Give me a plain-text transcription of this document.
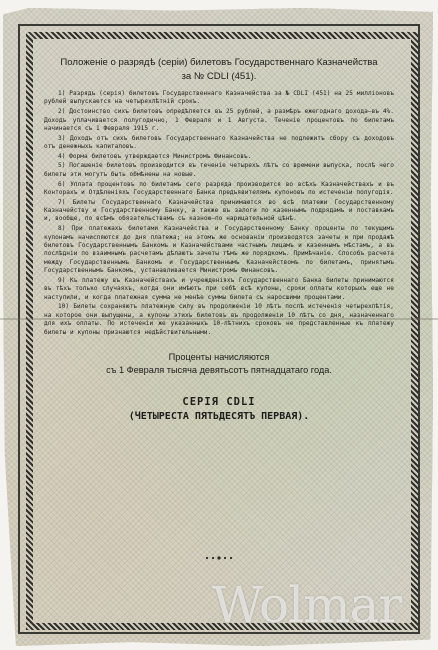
Положеніе о разрядѣ (серіи) билетовъ Государственнаго Казначейства
за № CDLI (451).

1) Разрядъ (серія) билетовъ Государственнаго Казначейства за № CDLI (451) на 25 милліоновъ рублей выпускается на четырехлѣтній срокъ.

2) Достоинство сихъ билетовъ опредѣляется въ 25 рублей, а размѣръ ежегоднаго дохода—въ 4%. Доходъ уплачивается полугодично, 1 Февраля и 1 Августа. Теченіе процентовъ по билетамъ начинается съ 1 Февраля 1915 г.

3) Доходъ отъ сихъ билетовъ Государственнаго Казначейства не подлежитъ сбору съ доходовъ отъ денежныхъ капиталовъ.

4) Форма билетовъ утверждается Министромъ Финансовъ.

5) Погашеніе билетовъ производится въ теченіе четырехъ лѣтъ со времени выпуска, послѣ чего билеты эти могутъ быть обмѣнены на новые.

6) Уплата процентовъ по билетамъ сего разряда производится во всѣхъ Казначействахъ и въ Конторахъ и Отдѣленіяхъ Государственнаго Банка предъявителямъ купоновъ по истеченіи полугодія.

7) Билеты Государственнаго Казначейства принимаются во всѣ платежи Государственному Казначейству и Государственному Банку, а также въ залоги по казеннымъ подрядамъ и поставкамъ и, вообще, по всѣмъ обязательствамъ съ казною—по нарицательной цѣнѣ.

8) При платежахъ билетами Казначейства и Государственному Банку проценты по текущимъ купонамъ начисляются до дня платежа; на этомъ же основаніи производятся зачеты и при продажѣ билетовъ Государственнымъ Банкомъ и Казначействами частнымъ лицамъ и казеннымъ мѣстамъ, а въ послѣдніи по взаимнымъ расчетамъ дѣлаютъ зачеты тѣмъ же порядкомъ. Примѣчаніе. Способъ расчета между Государственнымъ Банкомъ и Государственнымъ Казначействомъ по билетамъ, принятымъ Государственнымъ Банкомъ, устанавливается Министромъ Финансовъ.

9) Къ платежу въ Казначействахъ и учрежденіяхъ Государственнаго Банка билеты принимаются въ тѣхъ только случаяхъ, когда они имѣютъ при себѣ всѣ купоны, сроки оплаты которыхъ еще не наступили, и когда платежная сумма не менѣе суммы билета съ наросшими процентами.

10) Билеты сохраняютъ платежную силу въ продолженіи 10 лѣтъ послѣ истеченія четырехлѣтія, на которое они выпущены, а купоны этихъ билетовъ въ продолженіи 10 лѣтъ со дня, назначеннаго для ихъ оплаты. По истеченіи же указанныхъ 10-лѣтнихъ сроковъ не представленные къ платежу билеты и купоны признаются недѣйствительными.

Проценты начисляются
съ 1 Февраля тысяча девятьсотъ пятнадцатаго года.
СЕРІЯ CDLI
(ЧЕТЫРЕСТА ПЯТЬДЕСЯТЪ ПЕРВАЯ).
Wolmar
